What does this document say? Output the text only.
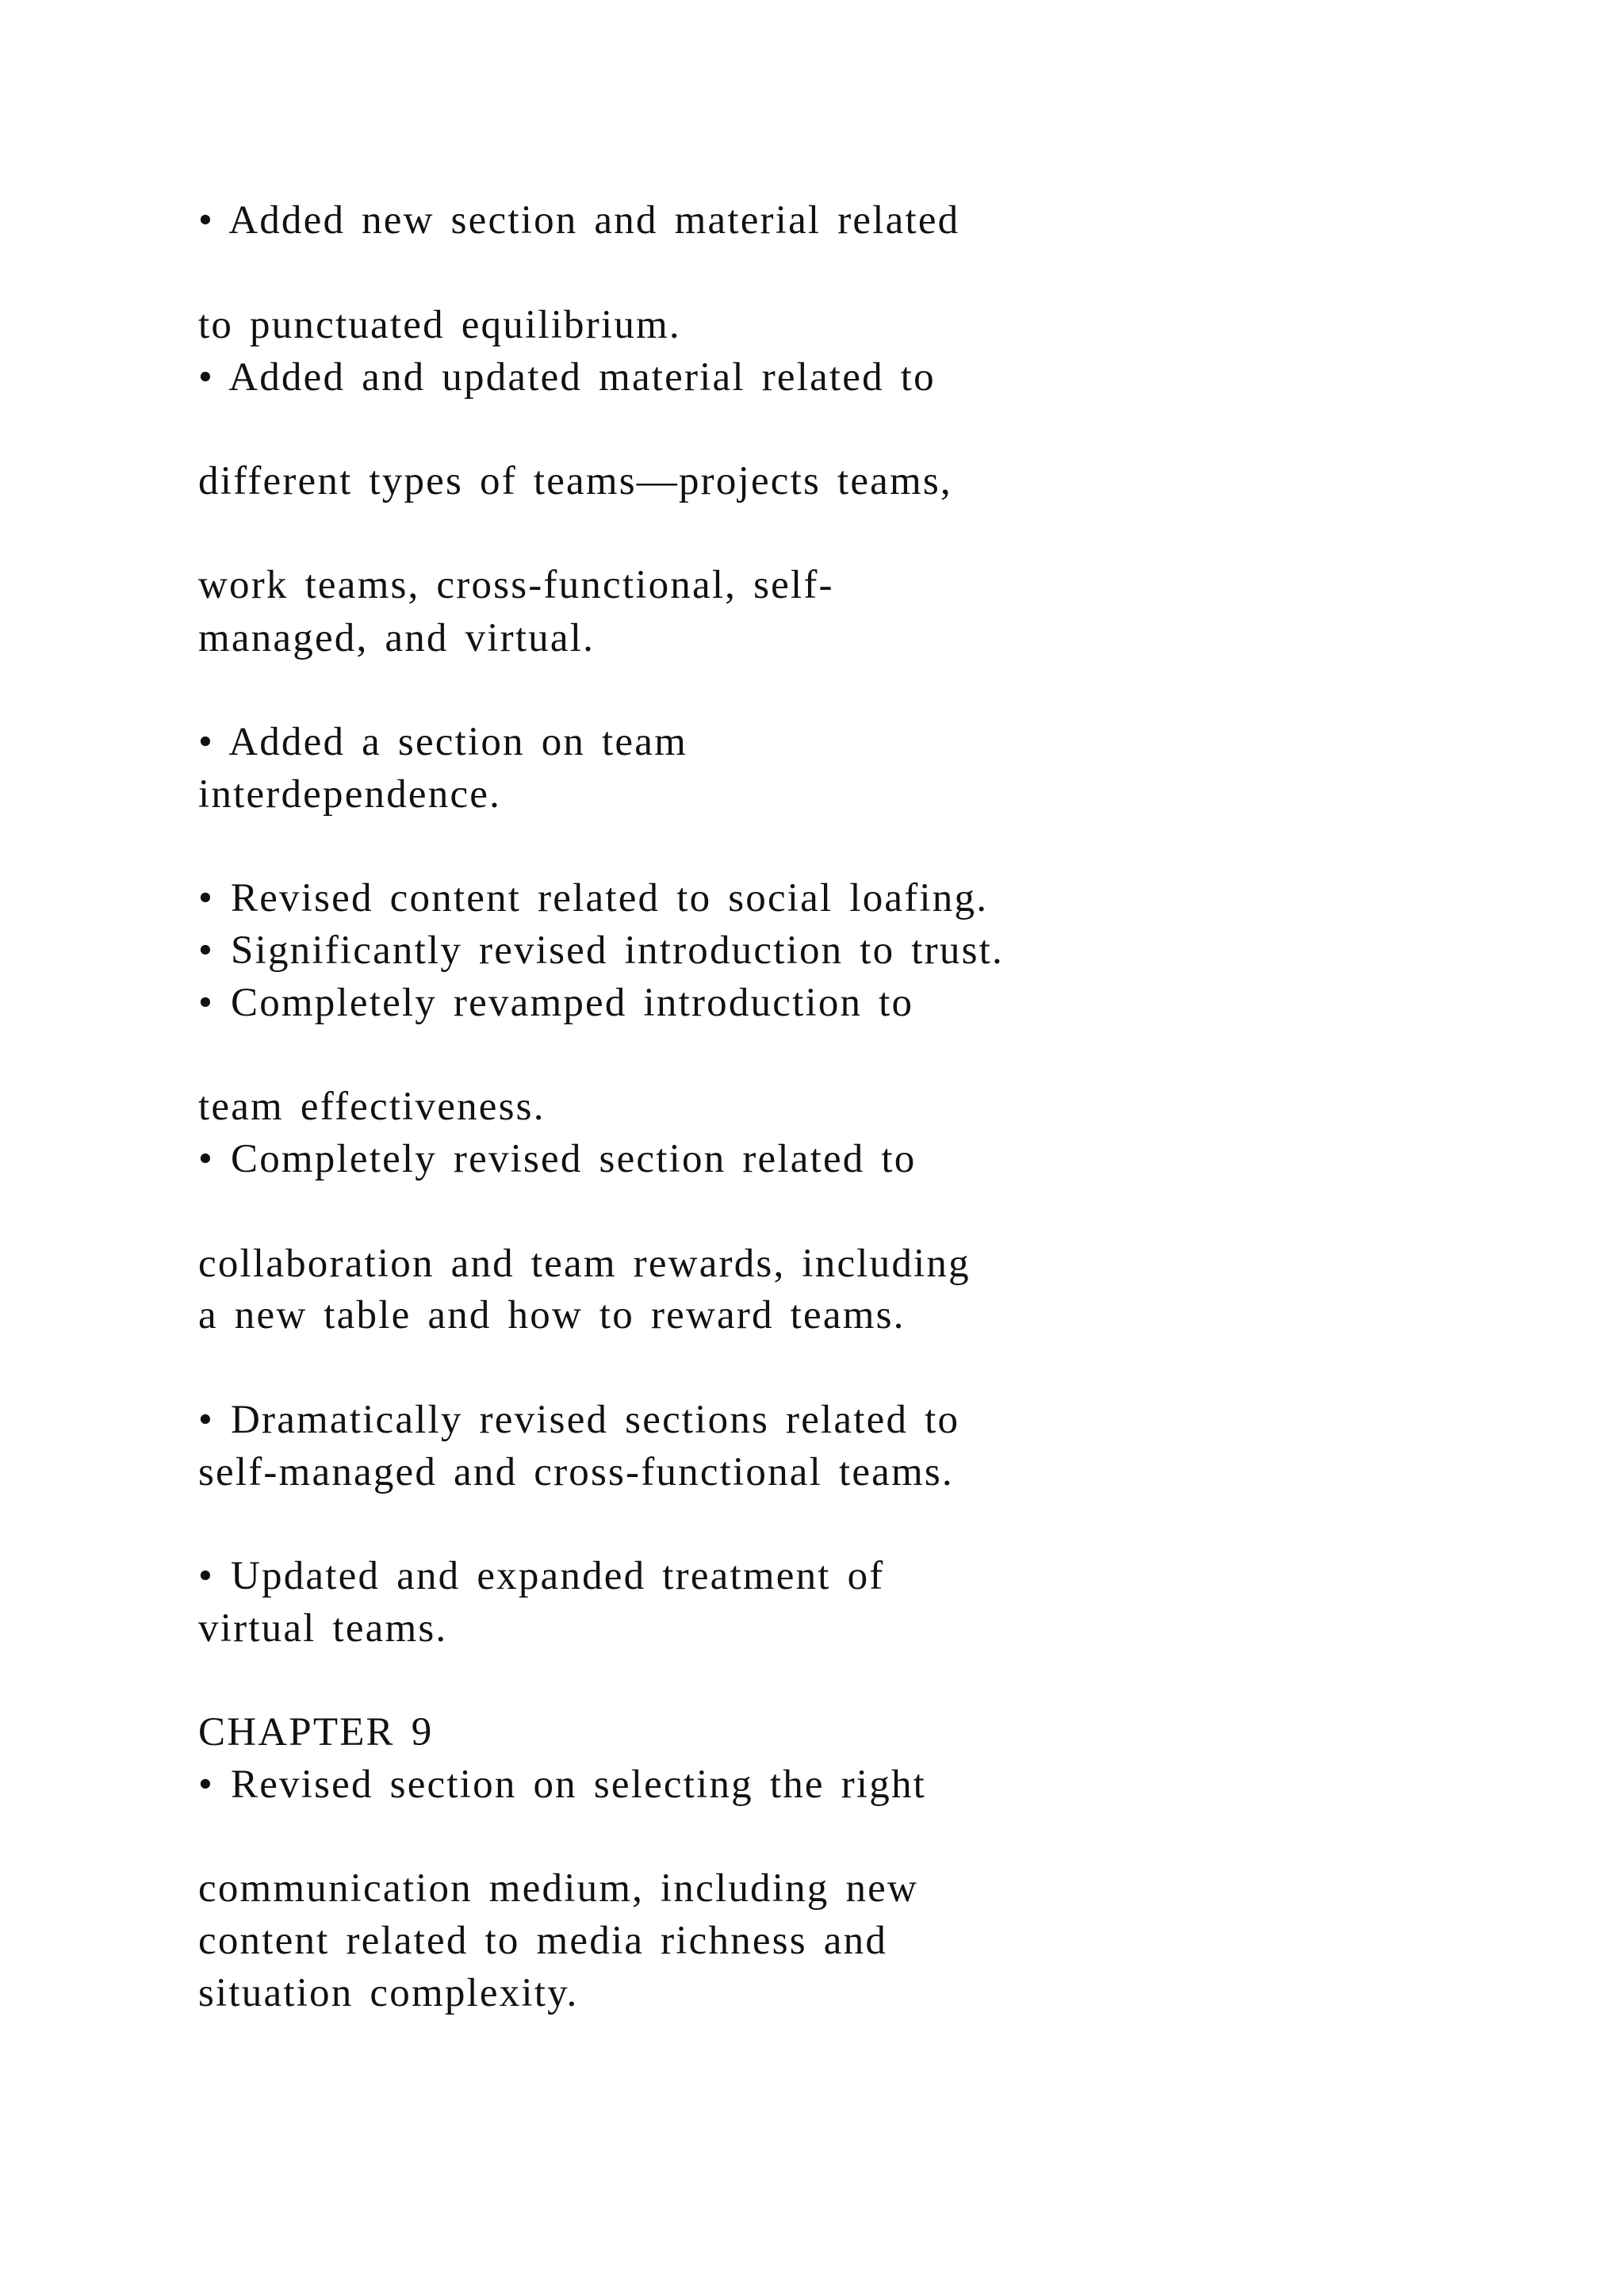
• Added new section and material related

to punctuated equilibrium.

• Added and updated material related to

different types of teams—projects teams,

work teams, cross-functional, self-

managed, and virtual.

• Added a section on team

interdependence.

• Revised content related to social loafing.

• Significantly revised introduction to trust.

• Completely revamped introduction to

team effectiveness.

• Completely revised section related to

collaboration and team rewards, including

a new table and how to reward teams.

• Dramatically revised sections related to

self-managed and cross-functional teams.

• Updated and expanded treatment of

virtual teams.

CHAPTER 9

• Revised section on selecting the right

communication medium, including new

content related to media richness and

situation complexity.
